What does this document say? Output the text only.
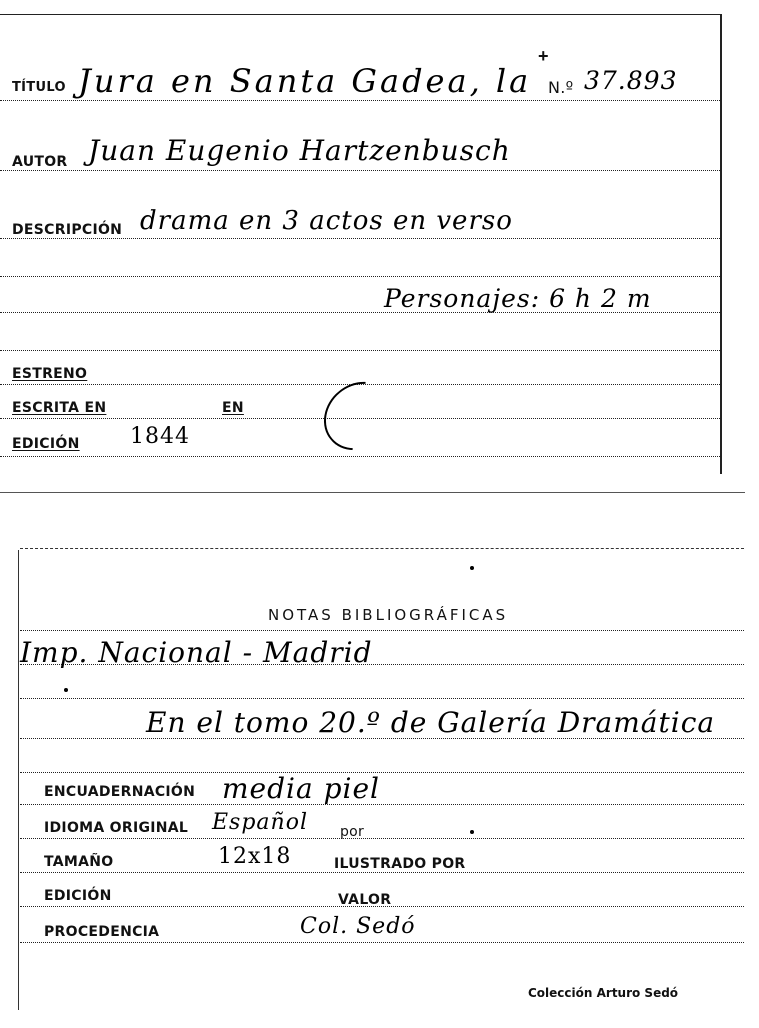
TÍTULO Jura en Santa Gadea, la
+
N.º 37.893
AUTOR Juan Eugenio Hartzenbusch
DESCRIPCIÓN drama en 3 actos en verso
Personajes: 6 h 2 m
ESTRENO
ESCRITA EN	EN
EDICIÓN 1844
NOTAS BIBLIOGRÁFICAS
Imp. Nacional - Madrid
En el tomo 20.º de Galería Dramática
ENCUADERNACIÓN media piel
IDIOMA ORIGINAL Español por
TAMAÑO	12x18	ILUSTRADO POR
EDICIÓN	VALOR
PROCEDENCIA	Col. Sedó
Colección Arturo Sedó
